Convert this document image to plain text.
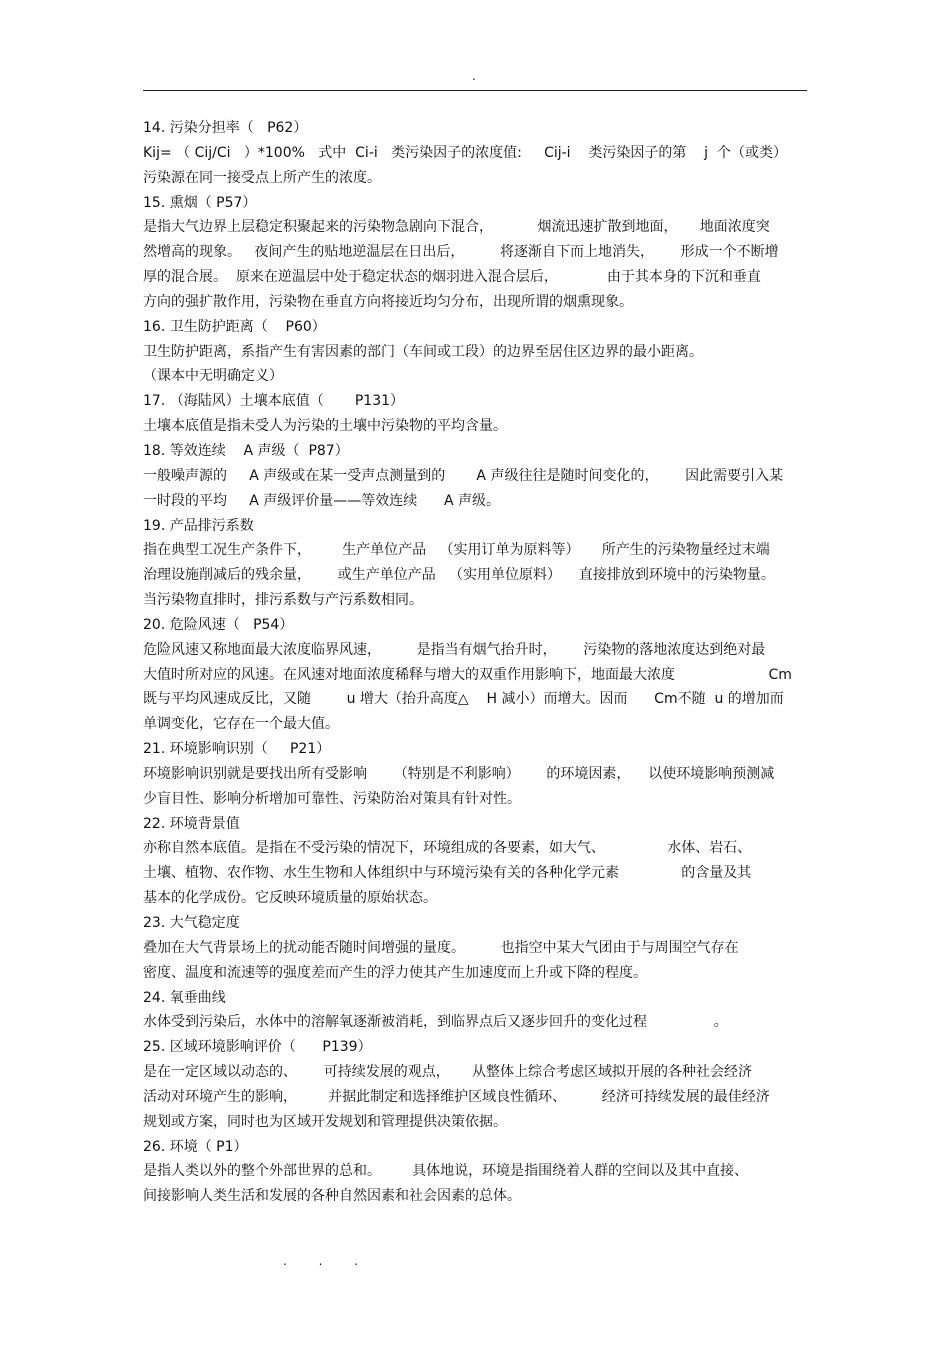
.
14. 污染分担率（   P62）
Kij= （ Cij/Ci   ）*100%   式中  Ci-i   类污染因子的浓度值:     Cij-i    类污染因子的第    j  个（或类）
污染源在同一接受点上所产生的浓度。
15. 熏烟（ P57）
是指大气边界上层稳定积聚起来的污染物急剧向下混合，          烟流迅速扩散到地面，     地面浓度突
然增高的现象。   夜间产生的贴地逆温层在日出后，        将逐渐自下而上地消失，      形成一个不断增
厚的混合展。  原来在逆温层中处于稳定状态的烟羽进入混合层后，           由于其本身的下沉和垂直
方向的强扩散作用，污染物在垂直方向将接近均匀分布，出现所谓的烟熏现象。
16. 卫生防护距离（    P60）
卫生防护距离，系指产生有害因素的部门（车间或工段）的边界至居住区边界的最小距离。
（课本中无明确定义）
17. （海陆风）土壤本底值（       P131）
土壤本底值是指未受人为污染的土壤中污染物的平均含量。
18. 等效连续    A 声级（  P87）
一般噪声源的     A 声级或在某一受声点测量到的       A 声级往往是随时间变化的，      因此需要引入某
一时段的平均     A 声级评价量——等效连续      A 声级。
19. 产品排污系数
指在典型工况生产条件下，       生产单位产品   （实用订单为原料等）     所产生的污染物量经过末端
治理设施削减后的残余量，      或生产单位产品   （实用单位原料）    直接排放到环境中的污染物量。
当污染物直排时，排污系数与产污系数相同。
20. 危险风速（   P54）
危险风速又称地面最大浓度临界风速，        是指当有烟气抬升时，      污染物的落地浓度达到绝对最
大值时所对应的风速。在风速对地面浓度稀释与增大的双重作用影响下，地面最大浓度                     Cm
既与平均风速成反比，又随        u 增大（抬升高度△    H 减小）而增大。因而      Cm不随  u 的增加而
单调变化，它存在一个最大值。
21. 环境影响识别（     P21）
环境影响识别就是要找出所有受影响      （特别是不利影响）      的环境因素，    以使环境影响预测减
少盲目性、影响分析增加可靠性、污染防治对策具有针对性。
22. 环境背景值
亦称自然本底值。是指在不受污染的情况下，环境组成的各要素，如大气、              水体、岩石、
土壤、植物、农作物、水生生物和人体组织中与环境污染有关的各种化学元素              的含量及其
基本的化学成份。它反映环境质量的原始状态。
23. 大气稳定度
叠加在大气背景场上的扰动能否随时间增强的量度。        也指空中某大气团由于与周围空气存在
密度、温度和流速等的强度差而产生的浮力使其产生加速度而上升或下降的程度。
24. 氧垂曲线
水体受到污染后，水体中的溶解氧逐渐被消耗，到临界点后又逐步回升的变化过程               。
25. 区域环境影响评价（      P139）
是在一定区域以动态的、      可持续发展的观点，     从整体上综合考虑区域拟开展的各种社会经济
活动对环境产生的影响，       并据此制定和选择维护区域良性循环、        经济可持续发展的最佳经济
规划或方案，同时也为区域开发规划和管理提供决策依据。
26. 环境（ P1）
是指人类以外的整个外部世界的总和。       具体地说，环境是指围绕着人群的空间以及其中直接、
间接影响人类生活和发展的各种自然因素和社会因素的总体。
. . .
